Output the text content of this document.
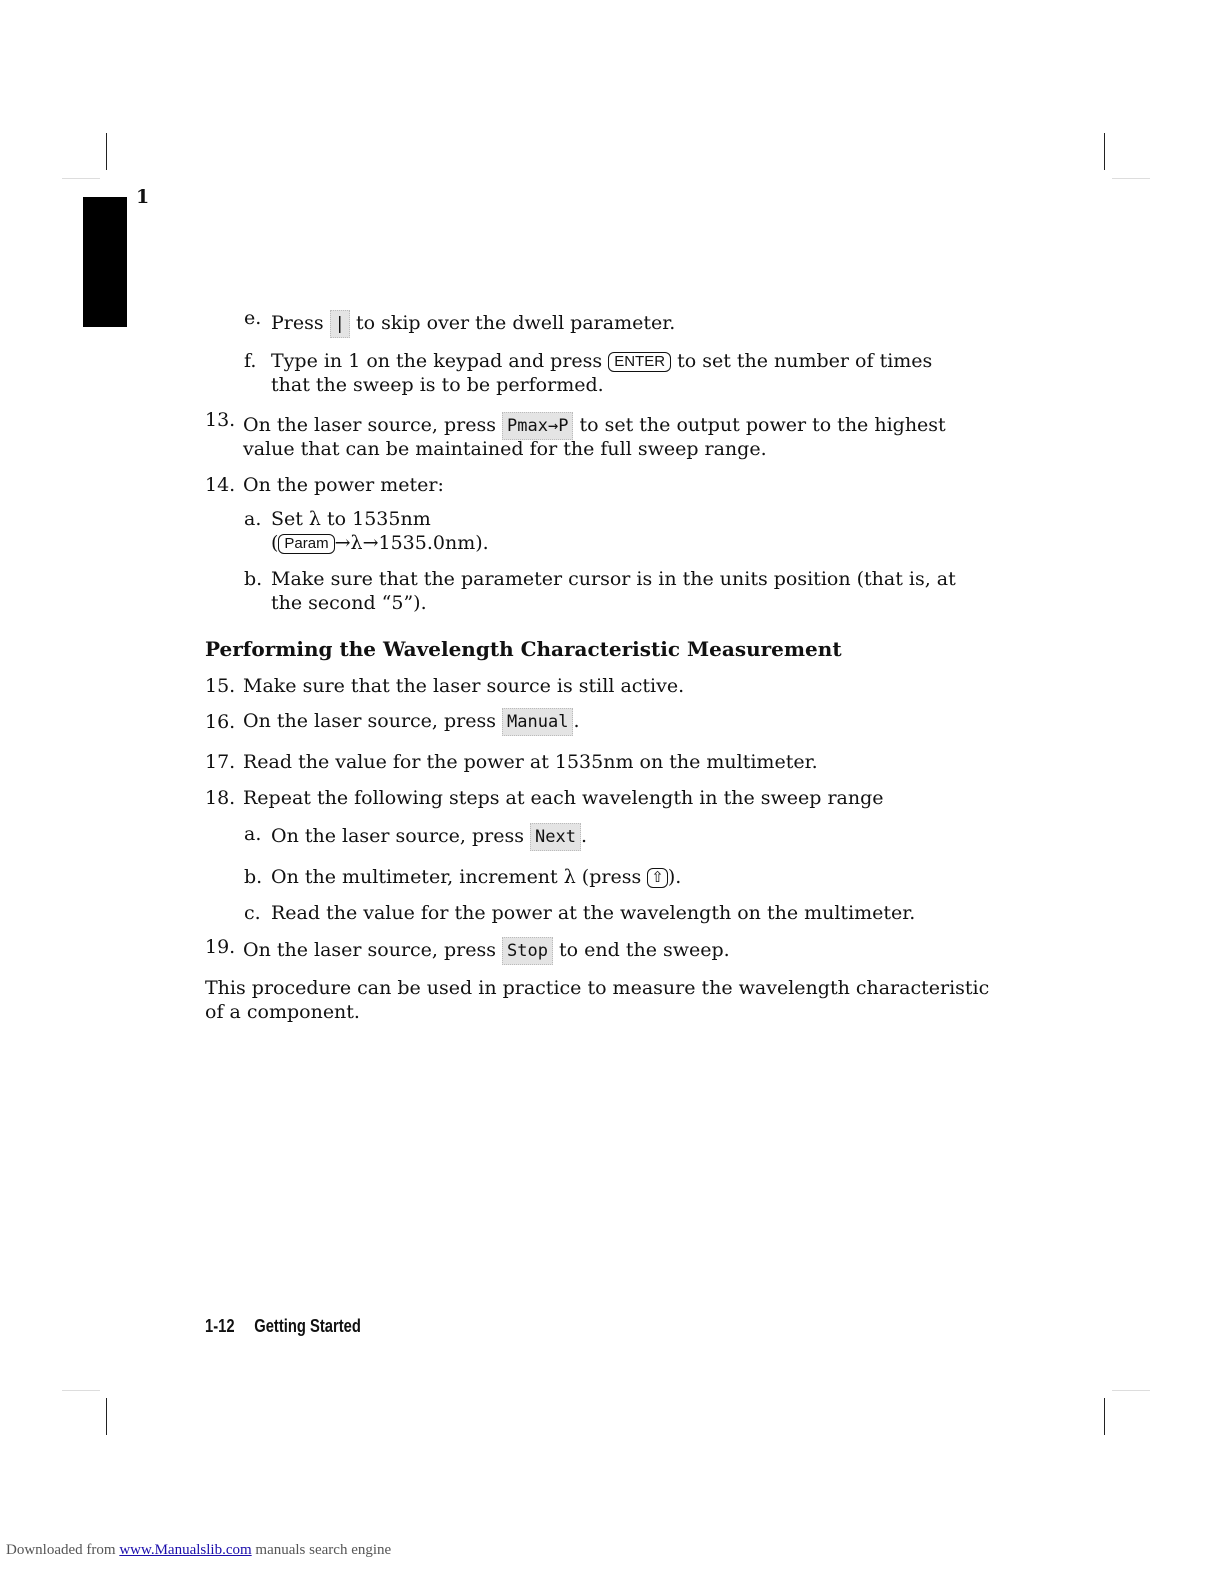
1
e. Press | to skip over the dwell parameter.
f. Type in 1 on the keypad and press ENTER to set the number of times
that the sweep is to be performed.
13. On the laser source, press Pmax→P to set the output power to the highest
value that can be maintained for the full sweep range.
14. On the power meter:
a. Set λ to 1535nm
( Param →λ→1535.0nm).
b. Make sure that the parameter cursor is in the units position (that is, at
the second “5”).
Performing the Wavelength Characteristic Measurement
15. Make sure that the laser source is still active.
16. On the laser source, press Manual .
17. Read the value for the power at 1535nm on the multimeter.
18. Repeat the following steps at each wavelength in the sweep range
a. On the laser source, press Next .
b. On the multimeter, increment λ (press ⇧ ).
c. Read the value for the power at the wavelength on the multimeter.
19. On the laser source, press Stop to end the sweep.
This procedure can be used in practice to measure the wavelength characteristic
of a component.
1-12 Getting Started
Downloaded from www.Manualslib.com manuals search engine
